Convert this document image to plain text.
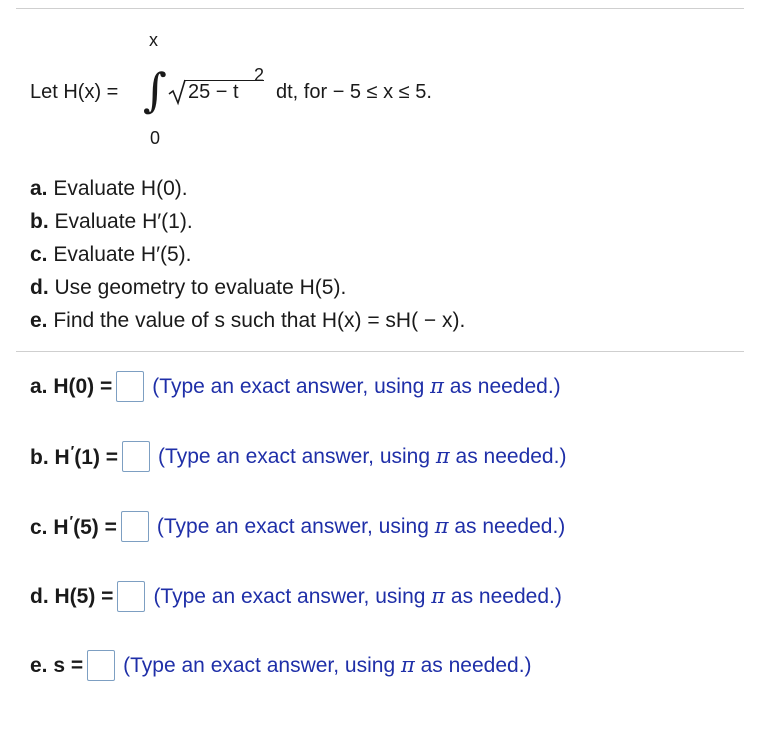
Let H(x) =
x
∫
0
25 − t
2
dt, for − 5 ≤ x ≤ 5.
a. Evaluate H(0).
b. Evaluate H′(1).
c. Evaluate H′(5).
d. Use geometry to evaluate H(5).
e. Find the value of s such that H(x) = sH( − x).
a. H(0) = (Type an exact answer, using π as needed.)
b. H′(1) = (Type an exact answer, using π as needed.)
c. H′(5) = (Type an exact answer, using π as needed.)
d. H(5) = (Type an exact answer, using π as needed.)
e. s = (Type an exact answer, using π as needed.)
